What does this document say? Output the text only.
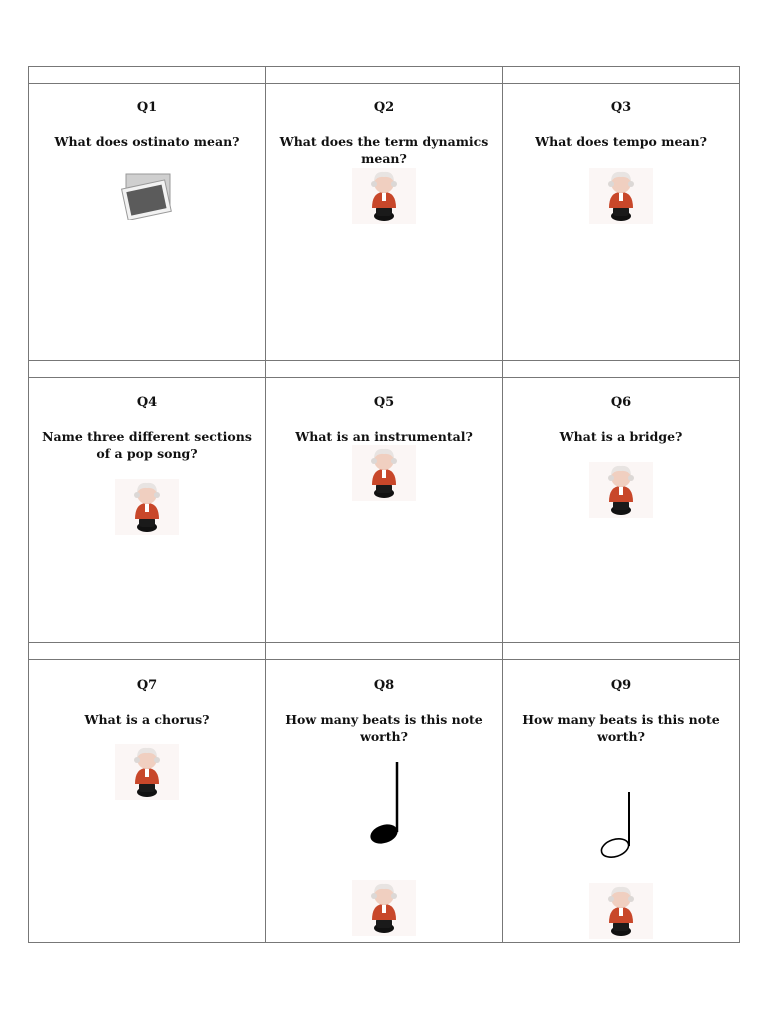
Q1
What does ostinato mean?
Q2
What does the term dynamics mean?
Q3
What does tempo mean?
Q4
Name three different sections of a pop song?
Q5
What is an instrumental?
Q6
What is a bridge?
Q7
What is a chorus?
Q8
How many beats is this note worth?
Q9
How many beats is this note worth?
